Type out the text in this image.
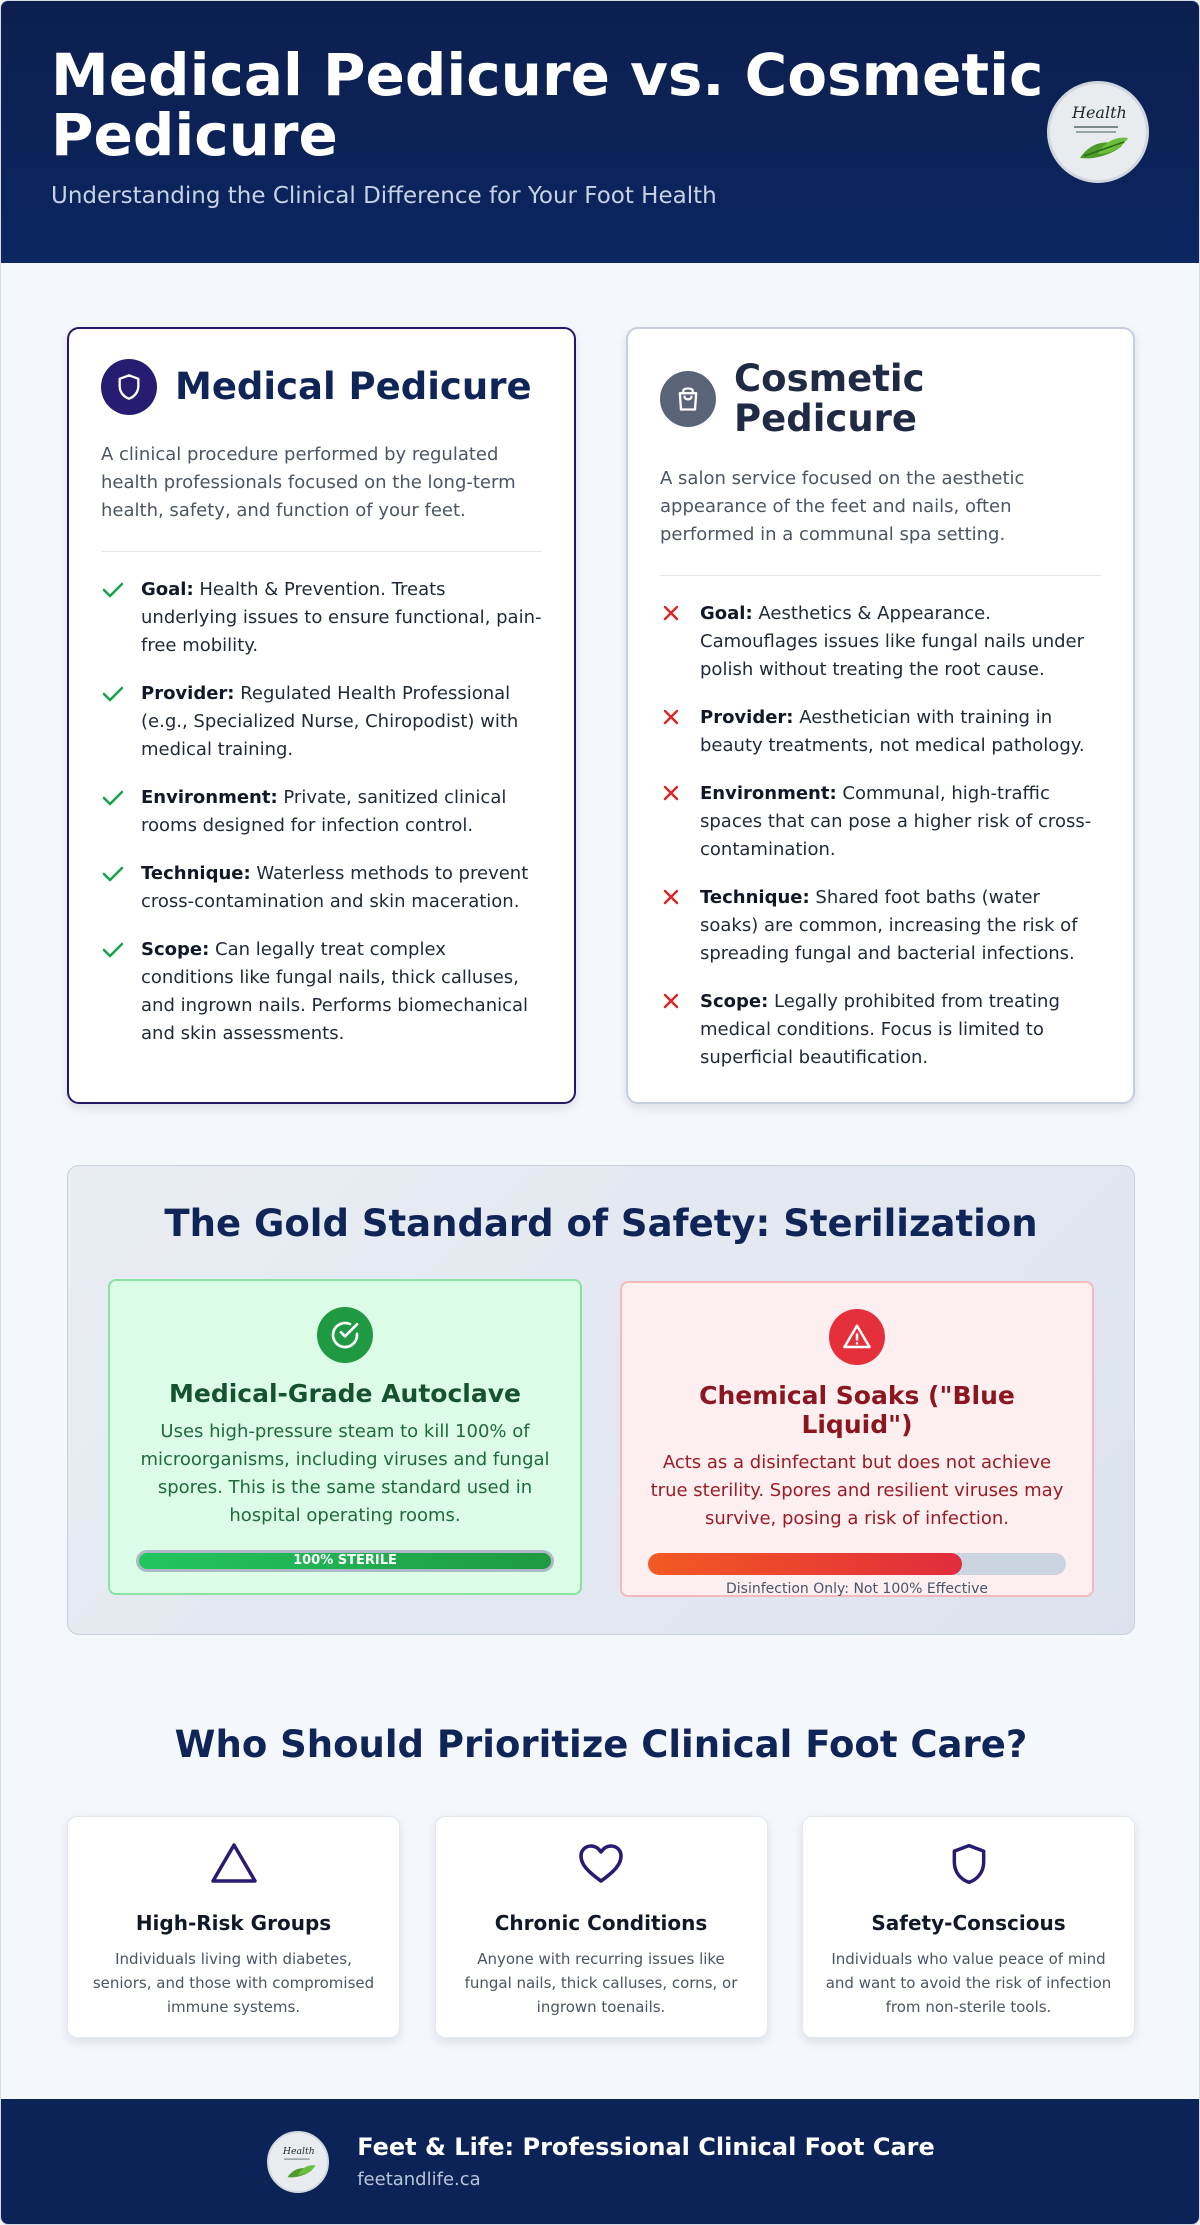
Medical Pedicure vs. Cosmetic Pedicure
Understanding the Clinical Difference for Your Foot Health
Health
Medical Pedicure
A clinical procedure performed by regulated health professionals focused on the long-term health, safety, and function of your feet.
Goal: Health & Prevention. Treats underlying issues to ensure functional, pain-free mobility.
Provider: Regulated Health Professional (e.g., Specialized Nurse, Chiropodist) with medical training.
Environment: Private, sanitized clinical rooms designed for infection control.
Technique: Waterless methods to prevent cross-contamination and skin maceration.
Scope: Can legally treat complex conditions like fungal nails, thick calluses, and ingrown nails. Performs biomechanical and skin assessments.
Cosmetic Pedicure
A salon service focused on the aesthetic appearance of the feet and nails, often performed in a communal spa setting.
Goal: Aesthetics & Appearance. Camouflages issues like fungal nails under polish without treating the root cause.
Provider: Aesthetician with training in beauty treatments, not medical pathology.
Environment: Communal, high-traffic spaces that can pose a higher risk of cross-contamination.
Technique: Shared foot baths (water soaks) are common, increasing the risk of spreading fungal and bacterial infections.
Scope: Legally prohibited from treating medical conditions. Focus is limited to superficial beautification.
The Gold Standard of Safety: Sterilization
Medical-Grade Autoclave
Uses high-pressure steam to kill 100% of microorganisms, including viruses and fungal spores. This is the same standard used in hospital operating rooms.
100% STERILE
Chemical Soaks ("Blue Liquid")
Acts as a disinfectant but does not achieve true sterility. Spores and resilient viruses may survive, posing a risk of infection.
Disinfection Only: Not 100% Effective
Who Should Prioritize Clinical Foot Care?
High-Risk Groups
Individuals living with diabetes, seniors, and those with compromised immune systems.
Chronic Conditions
Anyone with recurring issues like fungal nails, thick calluses, corns, or ingrown toenails.
Safety-Conscious
Individuals who value peace of mind and want to avoid the risk of infection from non-sterile tools.
Health Feet & Life: Professional Clinical Foot Care
feetandlife.ca
